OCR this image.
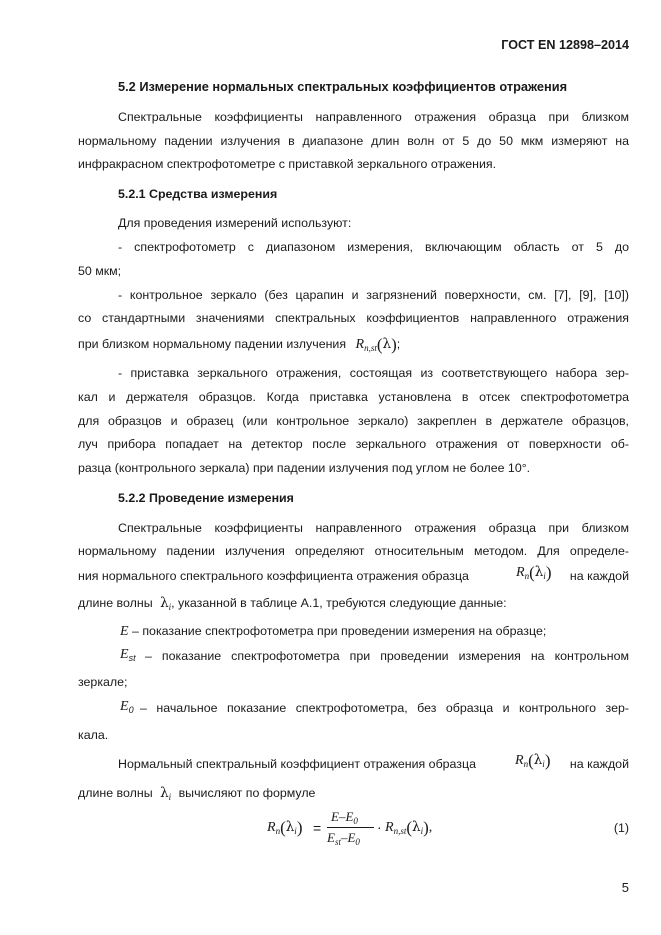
ГОСТ EN 12898–2014
5.2 Измерение нормальных спектральных коэффициентов отражения
Спектральные коэффициенты направленного отражения образца при близком
нормальному падении излучения в диапазоне длин волн от 5 до 50 мкм измеряют на
инфракрасном спектрофотометре с приставкой зеркального отражения.
5.2.1 Средства измерения
Для проведения измерений используют:
- спектрофотометр с диапазоном измерения, включающим область от 5 до
50 мкм;
- контрольное зеркало (без царапин и загрязнений поверхности, см. [7], [9], [10])
со стандартными значениями спектральных коэффициентов направленного отражения
при близком нормальному падении излучения $R_{n,st}(\lambda)$;
- приставка зеркального отражения, состоящая из соответствующего набора зер-
кал и держателя образцов. Когда приставка установлена в отсек спектрофотометра
для образцов и образец (или контрольное зеркало) закреплен в держателе образцов,
луч прибора попадает на детектор после зеркального отражения от поверхности об-
разца (контрольного зеркала) при падении излучения под углом не более 10°.
5.2.2 Проведение измерения
Спектральные коэффициенты направленного отражения образца при близком
нормальному падении излучения определяют относительным методом. Для определе-
ния нормального спектрального коэффициента отражения образца	$R_n(\lambda_i)$ на каждой
длине волны $\lambda_i$, указанной в таблице А.1, требуются следующие данные:
E – показание спектрофотометра при проведении измерения на образце;
$E_{st}$ – показание спектрофотометра при проведении измерения на контрольном
зеркале;
$E_0$ – начальное показание спектрофотометра, без образца и контрольного зер-
кала.
Нормальный спектральный коэффициент отражения образца	$R_n(\lambda_i)$ на каждой
длине волны $\lambda_i$ вычисляют по формуле
$R_n(\lambda_i)$ =
$E-E_0$
$E_{st}-E_0$
· $R_{n,st}(\lambda_i)$,	(1)
5
